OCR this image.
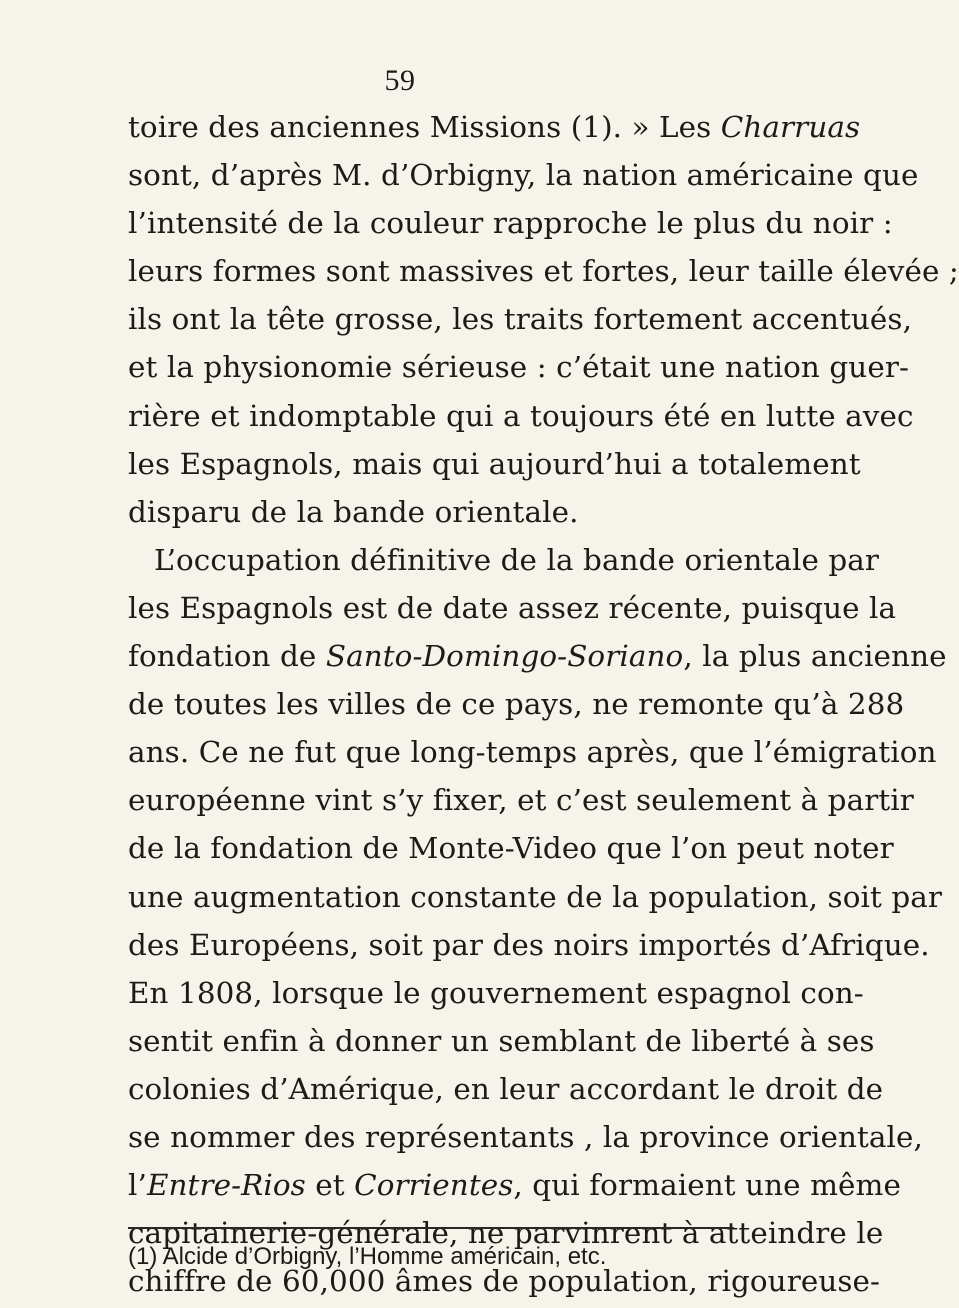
59
toire des anciennes Missions (1). » Les Charruas
sont, d’après M. d’Orbigny, la nation américaine que
l’intensité de la couleur rapproche le plus du noir :
leurs formes sont massives et fortes, leur taille élevée ;
ils ont la tête grosse, les traits fortement accentués,
et la physionomie sérieuse : c’était une nation guer-
rière et indomptable qui a toujours été en lutte avec
les Espagnols, mais qui aujourd’hui a totalement
disparu de la bande orientale.
L’occupation définitive de la bande orientale par
les Espagnols est de date assez récente, puisque la
fondation de Santo-Domingo-Soriano, la plus ancienne
de toutes les villes de ce pays, ne remonte qu’à 288
ans. Ce ne fut que long-temps après, que l’émigration
européenne vint s’y fixer, et c’est seulement à partir
de la fondation de Monte-Video que l’on peut noter
une augmentation constante de la population, soit par
des Européens, soit par des noirs importés d’Afrique.
En 1808, lorsque le gouvernement espagnol con-
sentit enfin à donner un semblant de liberté à ses
colonies d’Amérique, en leur accordant le droit de
se nommer des représentants , la province orientale,
l’Entre-Rios et Corrientes, qui formaient une même
capitainerie-générale, ne parvinrent à atteindre le
chiffre de 60,000 âmes de population, rigoureuse-
(1) Alcide d’Orbigny, l’Homme américain, etc.
